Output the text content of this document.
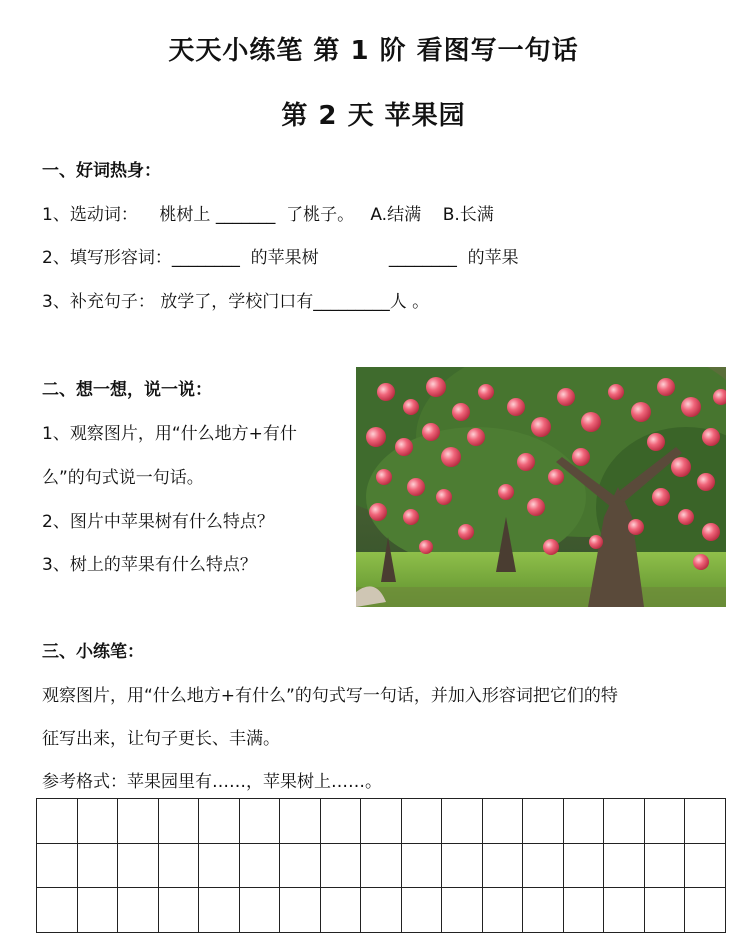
天天小练笔 第 1 阶 看图写一句话
第 2 天 苹果园
一、好词热身：
1、选动词：    桃树上 _______  了桃子。   A.结满    B.长满
2、填写形容词：________  的苹果树             ________  的苹果
3、补充句子： 放学了，学校门口有_________人 。
二、想一想，说一说：
1、观察图片，用“什么地方+有什
么”的句式说一句话。
2、图片中苹果树有什么特点？
3、树上的苹果有什么特点？
三、小练笔：
观察图片，用“什么地方+有什么”的句式写一句话，并加入形容词把它们的特
征写出来，让句子更长、丰满。
参考格式：苹果园里有……，苹果树上……。
